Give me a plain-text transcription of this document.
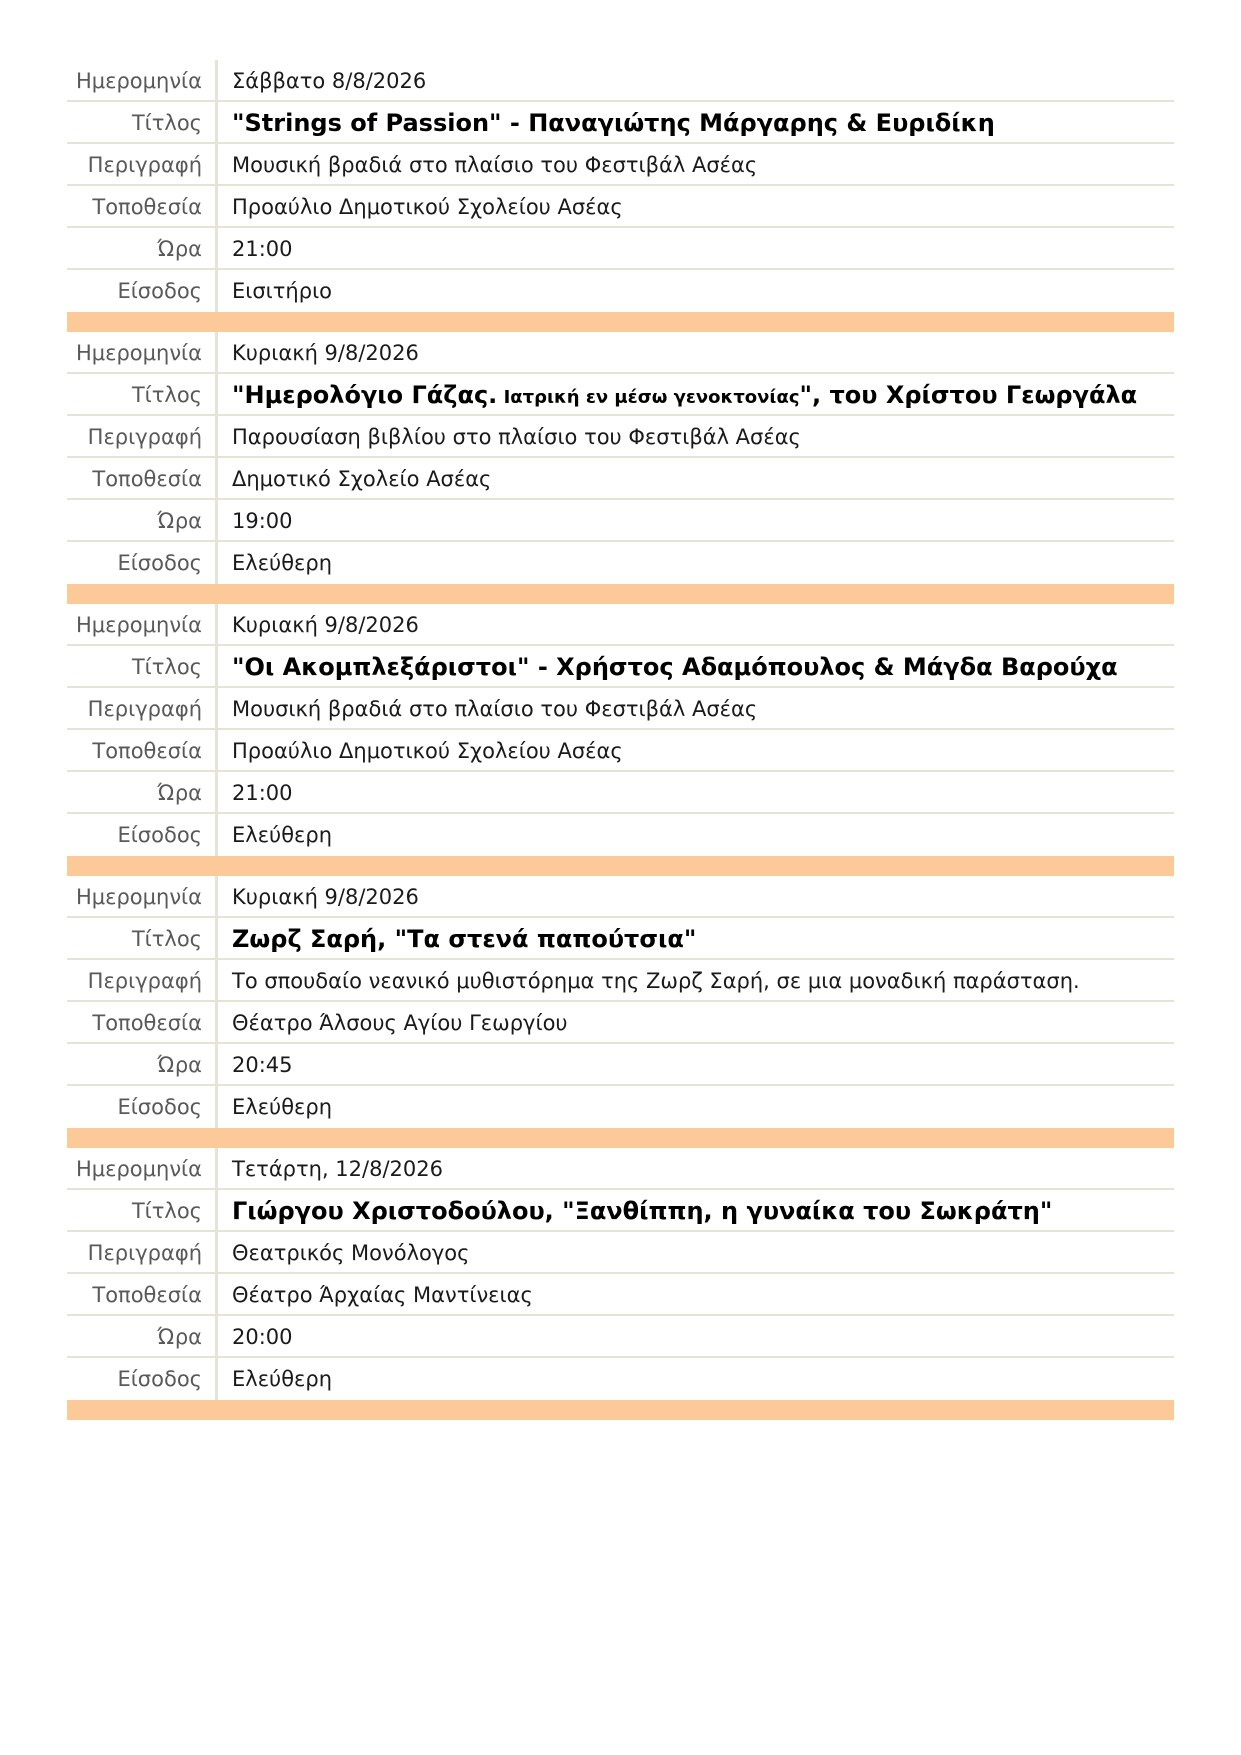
Ημερομηνία	Σάββατο 8/8/2026
Τίτλος	"Strings of Passion" - Παναγιώτης Μάργαρης & Ευριδίκη
Περιγραφή	Μουσική βραδιά στο πλαίσιο του Φεστιβάλ Ασέας
Τοποθεσία	Προαύλιο Δημοτικού Σχολείου Ασέας
Ώρα	21:00
Είσοδος	Εισιτήριο
Ημερομηνία	Κυριακή 9/8/2026
Τίτλος	"Ημερολόγιο Γάζας. Ιατρική εν μέσω γενοκτονίας", του Χρίστου Γεωργάλα
Περιγραφή	Παρουσίαση βιβλίου στο πλαίσιο του Φεστιβάλ Ασέας
Τοποθεσία	Δημοτικό Σχολείο Ασέας
Ώρα	19:00
Είσοδος	Ελεύθερη
Ημερομηνία	Κυριακή 9/8/2026
Τίτλος	"Οι Ακομπλεξάριστοι" - Χρήστος Αδαμόπουλος & Μάγδα Βαρούχα
Περιγραφή	Μουσική βραδιά στο πλαίσιο του Φεστιβάλ Ασέας
Τοποθεσία	Προαύλιο Δημοτικού Σχολείου Ασέας
Ώρα	21:00
Είσοδος	Ελεύθερη
Ημερομηνία	Κυριακή 9/8/2026
Τίτλος	Ζωρζ Σαρή, "Τα στενά παπούτσια"
Περιγραφή	Το σπουδαίο νεανικό μυθιστόρημα της Ζωρζ Σαρή, σε μια μοναδική παράσταση.
Τοποθεσία	Θέατρο Άλσους Αγίου Γεωργίου
Ώρα	20:45
Είσοδος	Ελεύθερη
Ημερομηνία	Τετάρτη, 12/8/2026
Τίτλος	Γιώργου Χριστοδούλου, "Ξανθίππη, η γυναίκα του Σωκράτη"
Περιγραφή	Θεατρικός Μονόλογος
Τοποθεσία	Θέατρο Άρχαίας Μαντίνειας
Ώρα	20:00
Είσοδος	Ελεύθερη
